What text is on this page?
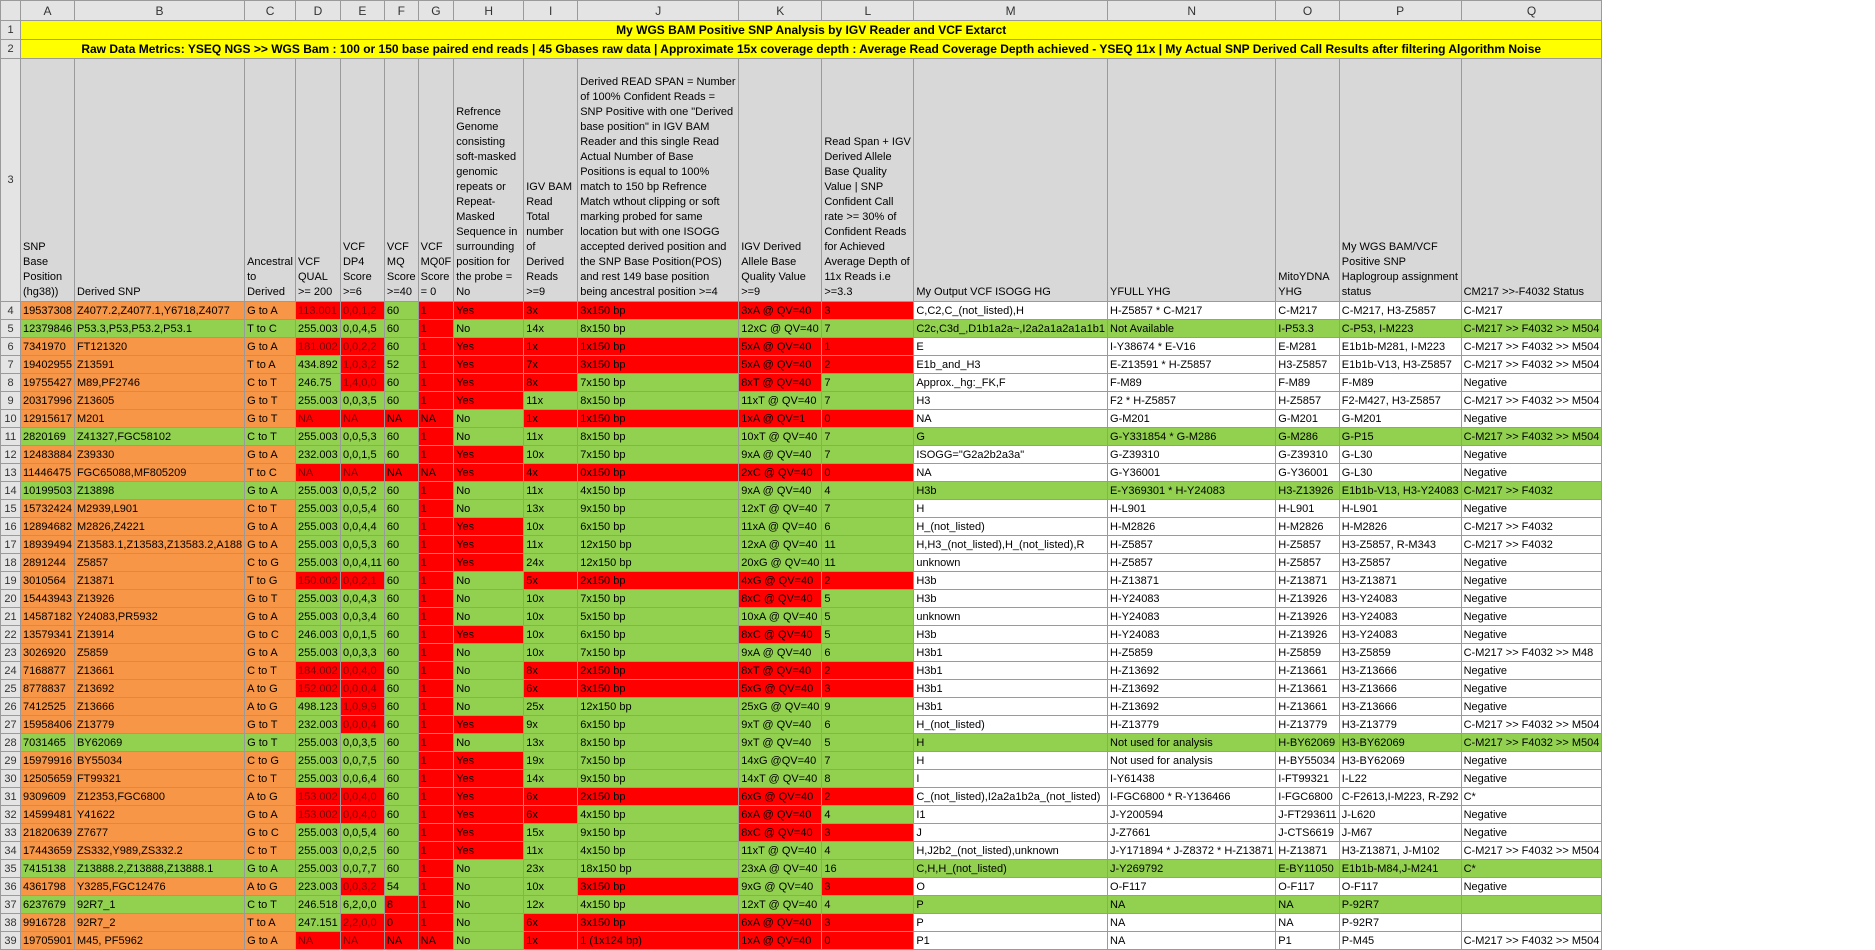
	A	B	C	D	E	F	G	H	I	J	K	L	M	N	O	P	Q
1	My WGS BAM Positive SNP Analysis by IGV Reader and VCF Extarct																
2	Raw Data Metrics: YSEQ NGS >> WGS Bam : 100 or 150 base paired end reads | 45 Gbases raw data | Approximate 15x coverage depth : Average Read Coverage Depth achieved - YSEQ 11x | My Actual SNP Derived Call Results after filtering Algorithm Noise																
3	SNP Base Position (hg38))	Derived SNP	Ancestral to Derived	VCF QUAL >= 200	VCF DP4 Score >=6	VCF MQ Score >=40	VCF MQ0F Score = 0	Refrence Genome consisting soft-masked genomic repeats or Repeat-Masked Sequence in surrounding position for the probe = No	IGV BAM Read Total number of Derived Reads >=9	Derived READ SPAN = Number of 100% Confident Reads = SNP Positive with one "Derived base position" in IGV BAM Reader and this single Read Actual Number of Base Positions is equal to 100% match to 150 bp Refrence Match wthout clipping or soft marking probed for same location but with one ISOGG accepted derived position and the SNP Base Position(POS) and rest 149 base position being ancestral position >=4	IGV Derived Allele Base Quality Value >=9	Read Span + IGV Derived Allele Base Quality Value | SNP Confident Call rate >= 30% of Confident Reads for Achieved Average Depth of 11x Reads i.e >=3.3	My Output VCF ISOGG HG	YFULL YHG	MitoYDNA YHG	My WGS BAM/VCF Positive SNP Haplogroup assignment status	CM217 >>-F4032 Status
4	19537308	Z4077.2,Z4077.1,Y6718,Z4077	G to A	113.001	0,0,1,2	60	1	Yes	3x	3x150 bp	3xA @ QV=40	3	C,C2,C_(not_listed),H	H-Z5857 * C-M217	C-M217	C-M217, H3-Z5857	C-M217
5	12379846	P53.3,P53,P53.2,P53.1	T to C	255.003	0,0,4,5	60	1	No	14x	8x150 bp	12xC @ QV=40	7	C2c,C3d_,D1b1a2a~,I2a2a1a2a1a1b1	Not Available	I-P53.3	C-P53, I-M223	C-M217 >> F4032 >> M504
6	7341970	FT121320	G to A	181.002	0,0,2,2	60	1	Yes	1x	1x150 bp	5xA @ QV=40	1	E	I-Y38674 * E-V16	E-M281	E1b1b-M281, I-M223	C-M217 >> F4032 >> M504
7	19402955	Z13591	T to A	434.892	1,0,3,2	52	1	Yes	7x	3x150 bp	5xA @ QV=40	2	E1b_and_H3	E-Z13591 * H-Z5857	H3-Z5857	E1b1b-V13, H3-Z5857	C-M217 >> F4032 >> M504
8	19755427	M89,PF2746	C to T	246.75	1,4,0,0	60	1	Yes	8x	7x150 bp	8xT @ QV=40	7	Approx._hg:_FK,F	F-M89	F-M89	F-M89	Negative
9	20317996	Z13605	G to T	255.003	0,0,3,5	60	1	Yes	11x	8x150 bp	11xT @ QV=40	7	H3	F2 * H-Z5857	H-Z5857	F2-M427, H3-Z5857	C-M217 >> F4032 >> M504
10	12915617	M201	G to T	NA	NA	NA	NA	No	1x	1x150 bp	1xA @ QV=1	0	NA	G-M201	G-M201	G-M201	Negative
11	2820169	Z41327,FGC58102	C to T	255.003	0,0,5,3	60	1	No	11x	8x150 bp	10xT @ QV=40	7	G	G-Y331854 * G-M286	G-M286	G-P15	C-M217 >> F4032 >> M504
12	12483884	Z39330	G to A	232.003	0,0,1,5	60	1	Yes	10x	7x150 bp	9xA @ QV=40	7	ISOGG="G2a2b2a3a"	G-Z39310	G-Z39310	G-L30	Negative
13	11446475	FGC65088,MF805209	T to C	NA	NA	NA	NA	Yes	4x	0x150 bp	2xC @ QV=40	0	NA	G-Y36001	G-Y36001	G-L30	Negative
14	10199503	Z13898	G to A	255.003	0,0,5,2	60	1	No	11x	4x150 bp	9xA @ QV=40	4	H3b	E-Y369301 * H-Y24083	H3-Z13926	E1b1b-V13, H3-Y24083	C-M217 >> F4032
15	15732424	M2939,L901	C to T	255.003	0,0,5,4	60	1	No	13x	9x150 bp	12xT @ QV=40	7	H	H-L901	H-L901	H-L901	Negative
16	12894682	M2826,Z4221	G to A	255.003	0,0,4,4	60	1	Yes	10x	6x150 bp	11xA @ QV=40	6	H_(not_listed)	H-M2826	H-M2826	H-M2826	C-M217 >> F4032
17	18939494	Z13583.1,Z13583,Z13583.2,A188	G to A	255.003	0,0,5,3	60	1	Yes	11x	12x150 bp	12xA @ QV=40	11	H,H3_(not_listed),H_(not_listed),R	H-Z5857	H-Z5857	H3-Z5857, R-M343	C-M217 >> F4032
18	2891244	Z5857	C to G	255.003	0,0,4,11	60	1	Yes	24x	12x150 bp	20xG @ QV=40	11	unknown	H-Z5857	H-Z5857	H3-Z5857	Negative
19	3010564	Z13871	T to G	150.002	0,0,2,1	60	1	No	5x	2x150 bp	4xG @ QV=40	2	H3b	H-Z13871	H-Z13871	H3-Z13871	Negative
20	15443943	Z13926	G to T	255.003	0,0,4,3	60	1	No	10x	7x150 bp	8xC @ QV=40	5	H3b	H-Y24083	H-Z13926	H3-Y24083	Negative
21	14587182	Y24083,PR5932	G to A	255.003	0,0,3,4	60	1	No	10x	5x150 bp	10xA @ QV=40	5	unknown	H-Y24083	H-Z13926	H3-Y24083	Negative
22	13579341	Z13914	G to C	246.003	0,0,1,5	60	1	Yes	10x	6x150 bp	8xC @ QV=40	5	H3b	H-Y24083	H-Z13926	H3-Y24083	Negative
23	3026920	Z5859	G to A	255.003	0,0,3,3	60	1	No	10x	7x150 bp	9xA @ QV=40	6	H3b1	H-Z5859	H-Z5859	H3-Z5859	C-M217 >> F4032 >> M48
24	7168877	Z13661	C to T	184.002	0,0,4,0	60	1	No	8x	2x150 bp	8xT @ QV=40	2	H3b1	H-Z13692	H-Z13661	H3-Z13666	Negative
25	8778837	Z13692	A to G	152.002	0,0,0,4	60	1	No	6x	3x150 bp	5xG @ QV=40	3	H3b1	H-Z13692	H-Z13661	H3-Z13666	Negative
26	7412525	Z13666	A to G	498.123	1,0,9,9	60	1	No	25x	12x150 bp	25xG @ QV=40	9	H3b1	H-Z13692	H-Z13661	H3-Z13666	Negative
27	15958406	Z13779	G to T	232.003	0,0,0,4	60	1	Yes	9x	6x150 bp	9xT @ QV=40	6	H_(not_listed)	H-Z13779	H-Z13779	H3-Z13779	C-M217 >> F4032 >> M504
28	7031465	BY62069	G to T	255.003	0,0,3,5	60	1	No	13x	8x150 bp	9xT @ QV=40	5	H	Not used for analysis	H-BY62069	H3-BY62069	C-M217 >> F4032 >> M504
29	15979916	BY55034	C to G	255.003	0,0,7,5	60	1	Yes	19x	7x150 bp	14xG @QV=40	7	H	Not used for analysis	H-BY55034	H3-BY62069	Negative
30	12505659	FT99321	C to T	255.003	0,0,6,4	60	1	Yes	14x	9x150 bp	14xT @ QV=40	8	I	I-Y61438	I-FT99321	I-L22	Negative
31	9309609	Z12353,FGC6800	A to G	153.002	0,0,4,0	60	1	Yes	6x	2x150 bp	6xG @ QV=40	2	C_(not_listed),I2a2a1b2a_(not_listed)	I-FGC6800 * R-Y136466	I-FGC6800	C-F2613,I-M223, R-Z92	C*
32	14599481	Y41622	G to A	153.002	0,0,4,0	60	1	Yes	6x	4x150 bp	6xA @ QV=40	4	I1	J-Y200594	J-FT293611	J-L620	Negative
33	21820639	Z7677	G to C	255.003	0,0,5,4	60	1	Yes	15x	9x150 bp	8xC @ QV=40	3	J	J-Z7661	J-CTS6619	J-M67	Negative
34	17443659	ZS332,Y989,ZS332.2	C to T	255.003	0,0,2,5	60	1	Yes	11x	4x150 bp	11xT @ QV=40	4	H,J2b2_(not_listed),unknown	J-Y171894 * J-Z8372 * H-Z13871	H-Z13871	H3-Z13871, J-M102	C-M217 >> F4032 >> M504
35	7415138	Z13888.2,Z13888,Z13888.1	G to A	255.003	0,0,7,7	60	1	No	23x	18x150 bp	23xA @ QV=40	16	C,H,H_(not_listed)	J-Y269792	E-BY11050	E1b1b-M84,J-M241	C*
36	4361798	Y3285,FGC12476	A to G	223.003	0,0,3,2	54	1	No	10x	3x150 bp	9xG @ QV=40	3	O	O-F117	O-F117	O-F117	Negative
37	6237679	92R7_1	C to T	246.518	6,2,0,0	8	1	No	12x	4x150 bp	12xT @ QV=40	4	P	NA	NA	P-92R7	
38	9916728	92R7_2	T to A	247.151	2,2,0,0	0	1	No	6x	3x150 bp	6xA @ QV=40	3	P	NA	NA	P-92R7	
39	19705901	M45, PF5962	G to A	NA	NA	NA	NA	No	1x	1 (1x124 bp)	1xA @ QV=40	0	P1	NA	P1	P-M45	C-M217 >> F4032 >> M504
